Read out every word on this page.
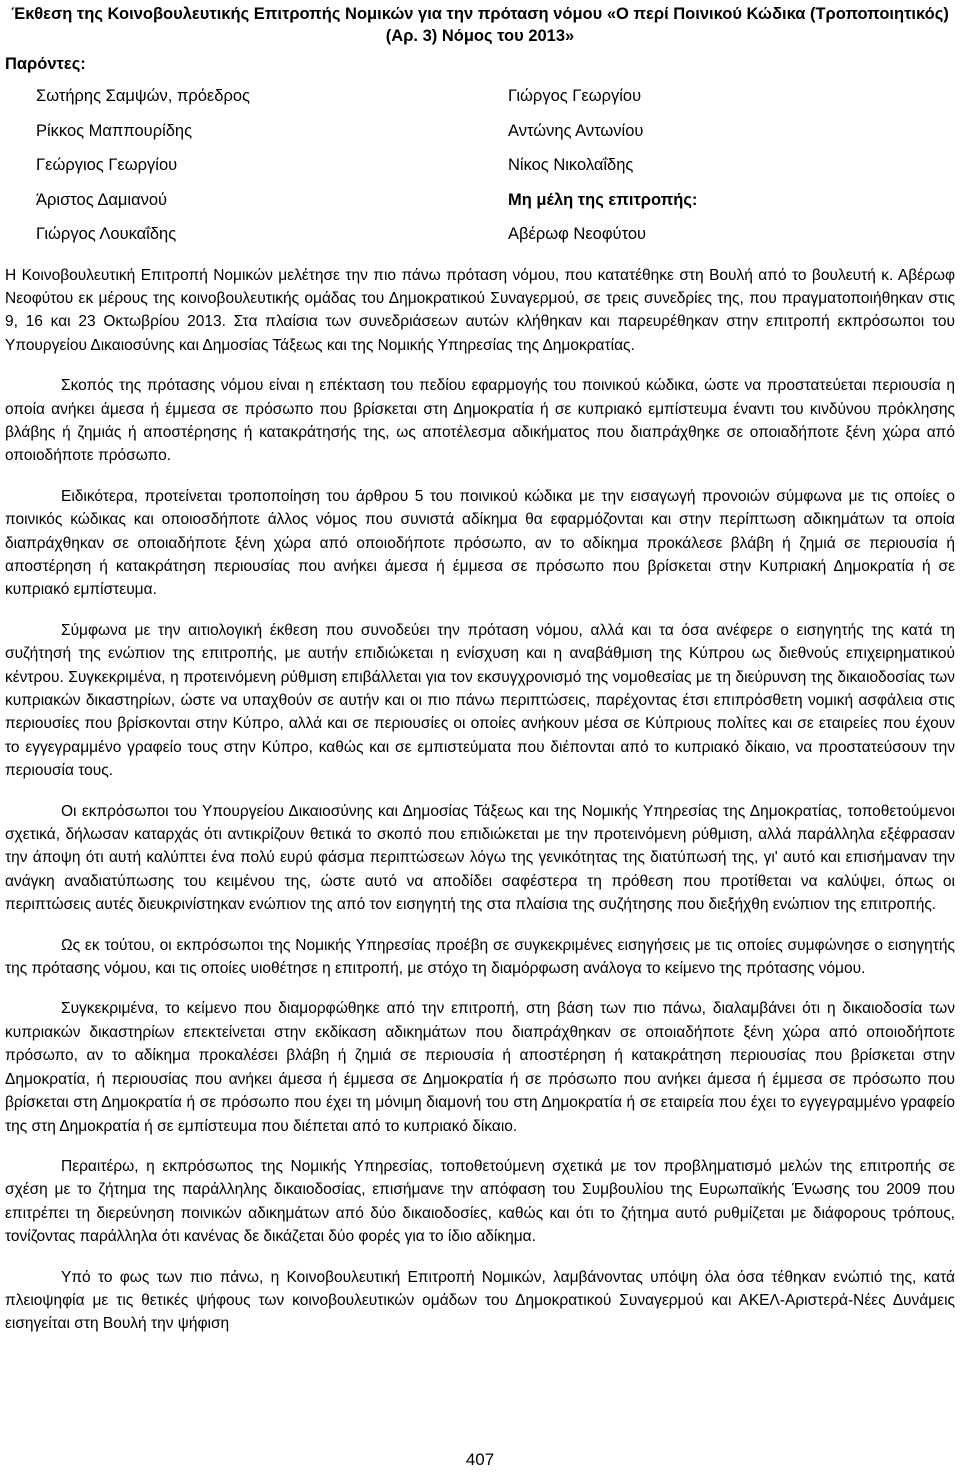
Έκθεση της Κοινοβουλευτικής Επιτροπής Νομικών για την πρόταση νόμου «Ο περί Ποινικού Κώδικα (Τροποποιητικός) (Αρ. 3) Νόμος του 2013»
Παρόντες:
Σωτήρης Σαμψών, πρόεδρος
Ρίκκος Μαππουρίδης
Γεώργιος Γεωργίου
Άριστος Δαμιανού
Γιώργος Λουκαΐδης
Γιώργος Γεωργίου
Αντώνης Αντωνίου
Νίκος Νικολαΐδης
Μη μέλη της επιτροπής:
Αβέρωφ Νεοφύτου

Η Κοινοβουλευτική Επιτροπή Νομικών μελέτησε την πιο πάνω πρόταση νόμου, που κατατέθηκε στη Βουλή από το βουλευτή κ. Αβέρωφ Νεοφύτου εκ μέρους της κοινοβουλευτικής ομάδας του Δημοκρατικού Συναγερμού, σε τρεις συνεδρίες της, που πραγματοποιήθηκαν στις 9, 16 και 23 Οκτωβρίου 2013. Στα πλαίσια των συνεδριάσεων αυτών κλήθηκαν και παρευρέθηκαν στην επιτροπή εκπρόσωποι του Υπουργείου Δικαιοσύνης και Δημοσίας Τάξεως και της Νομικής Υπηρεσίας της Δημοκρατίας.

Σκοπός της πρότασης νόμου είναι η επέκταση του πεδίου εφαρμογής του ποινικού κώδικα, ώστε να προστατεύεται περιουσία η οποία ανήκει άμεσα ή έμμεσα σε πρόσωπο που βρίσκεται στη Δημοκρατία ή σε κυπριακό εμπίστευμα έναντι του κινδύνου πρόκλησης βλάβης ή ζημιάς ή αποστέρησης ή κατακράτησής της, ως αποτέλεσμα αδικήματος που διαπράχθηκε σε οποιαδήποτε ξένη χώρα από οποιοδήποτε πρόσωπο.

Ειδικότερα, προτείνεται τροποποίηση του άρθρου 5 του ποινικού κώδικα με την εισαγωγή προνοιών σύμφωνα με τις οποίες ο ποινικός κώδικας και οποιοσδήποτε άλλος νόμος που συνιστά αδίκημα θα εφαρμόζονται και στην περίπτωση αδικημάτων τα οποία διαπράχθηκαν σε οποιαδήποτε ξένη χώρα από οποιοδήποτε πρόσωπο, αν το αδίκημα προκάλεσε βλάβη ή ζημιά σε περιουσία ή αποστέρηση ή κατακράτηση περιουσίας που ανήκει άμεσα ή έμμεσα σε πρόσωπο που βρίσκεται στην Κυπριακή Δημοκρατία ή σε κυπριακό εμπίστευμα.

Σύμφωνα με την αιτιολογική έκθεση που συνοδεύει την πρόταση νόμου, αλλά και τα όσα ανέφερε ο εισηγητής της κατά τη συζήτησή της ενώπιον της επιτροπής, με αυτήν επιδιώκεται η ενίσχυση και η αναβάθμιση της Κύπρου ως διεθνούς επιχειρηματικού κέντρου. Συγκεκριμένα, η προτεινόμενη ρύθμιση επιβάλλεται για τον εκσυγχρονισμό της νομοθεσίας με τη διεύρυνση της δικαιοδοσίας των κυπριακών δικαστηρίων, ώστε να υπαχθούν σε αυτήν και οι πιο πάνω περιπτώσεις, παρέχοντας έτσι επιπρόσθετη νομική ασφάλεια στις περιουσίες που βρίσκονται στην Κύπρο, αλλά και σε περιουσίες οι οποίες ανήκουν μέσα σε Κύπριους πολίτες και σε εταιρείες που έχουν το εγγεγραμμένο γραφείο τους στην Κύπρο, καθώς και σε εμπιστεύματα που διέπονται από το κυπριακό δίκαιο, να προστατεύσουν την περιουσία τους.

Οι εκπρόσωποι του Υπουργείου Δικαιοσύνης και Δημοσίας Τάξεως και της Νομικής Υπηρεσίας της Δημοκρατίας, τοποθετούμενοι σχετικά, δήλωσαν καταρχάς ότι αντικρίζουν θετικά το σκοπό που επιδιώκεται με την προτεινόμενη ρύθμιση, αλλά παράλληλα εξέφρασαν την άποψη ότι αυτή καλύπτει ένα πολύ ευρύ φάσμα περιπτώσεων λόγω της γενικότητας της διατύπωσή της, γι' αυτό και επισήμαναν την ανάγκη αναδιατύπωσης του κειμένου της, ώστε αυτό να αποδίδει σαφέστερα τη πρόθεση που προτίθεται να καλύψει, όπως οι περιπτώσεις αυτές διευκρινίστηκαν ενώπιον της από τον εισηγητή της στα πλαίσια της συζήτησης που διεξήχθη ενώπιον της επιτροπής.

Ως εκ τούτου, οι εκπρόσωποι της Νομικής Υπηρεσίας προέβη σε συγκεκριμένες εισηγήσεις με τις οποίες συμφώνησε ο εισηγητής της πρότασης νόμου, και τις οποίες υιοθέτησε η επιτροπή, με στόχο τη διαμόρφωση ανάλογα το κείμενο της πρότασης νόμου.

Συγκεκριμένα, το κείμενο που διαμορφώθηκε από την επιτροπή, στη βάση των πιο πάνω, διαλαμβάνει ότι η δικαιοδοσία των κυπριακών δικαστηρίων επεκτείνεται στην εκδίκαση αδικημάτων που διαπράχθηκαν σε οποιαδήποτε ξένη χώρα από οποιοδήποτε πρόσωπο, αν το αδίκημα προκαλέσει βλάβη ή ζημιά σε περιουσία ή αποστέρηση ή κατακράτηση περιουσίας που βρίσκεται στην Δημοκρατία, ή περιουσίας που ανήκει άμεσα ή έμμεσα σε Δημοκρατία ή σε πρόσωπο που ανήκει άμεσα ή έμμεσα σε πρόσωπο που βρίσκεται στη Δημοκρατία ή σε πρόσωπο που έχει τη μόνιμη διαμονή του στη Δημοκρατία ή σε εταιρεία που έχει το εγγεγραμμένο γραφείο της στη Δημοκρατία ή σε εμπίστευμα που διέπεται από το κυπριακό δίκαιο.

Περαιτέρω, η εκπρόσωπος της Νομικής Υπηρεσίας, τοποθετούμενη σχετικά με τον προβληματισμό μελών της επιτροπής σε σχέση με το ζήτημα της παράλληλης δικαιοδοσίας, επισήμανε την απόφαση του Συμβουλίου της Ευρωπαϊκής Ένωσης του 2009 που επιτρέπει τη διερεύνηση ποινικών αδικημάτων από δύο δικαιοδοσίες, καθώς και ότι το ζήτημα αυτό ρυθμίζεται με διάφορους τρόπους, τονίζοντας παράλληλα ότι κανένας δε δικάζεται δύο φορές για το ίδιο αδίκημα.

Υπό το φως των πιο πάνω, η Κοινοβουλευτική Επιτροπή Νομικών, λαμβάνοντας υπόψη όλα όσα τέθηκαν ενώπιό της, κατά πλειοψηφία με τις θετικές ψήφους των κοινοβουλευτικών ομάδων του Δημοκρατικού Συναγερμού και ΑΚΕΛ-Αριστερά-Νέες Δυνάμεις εισηγείται στη Βουλή την ψήφιση

407
